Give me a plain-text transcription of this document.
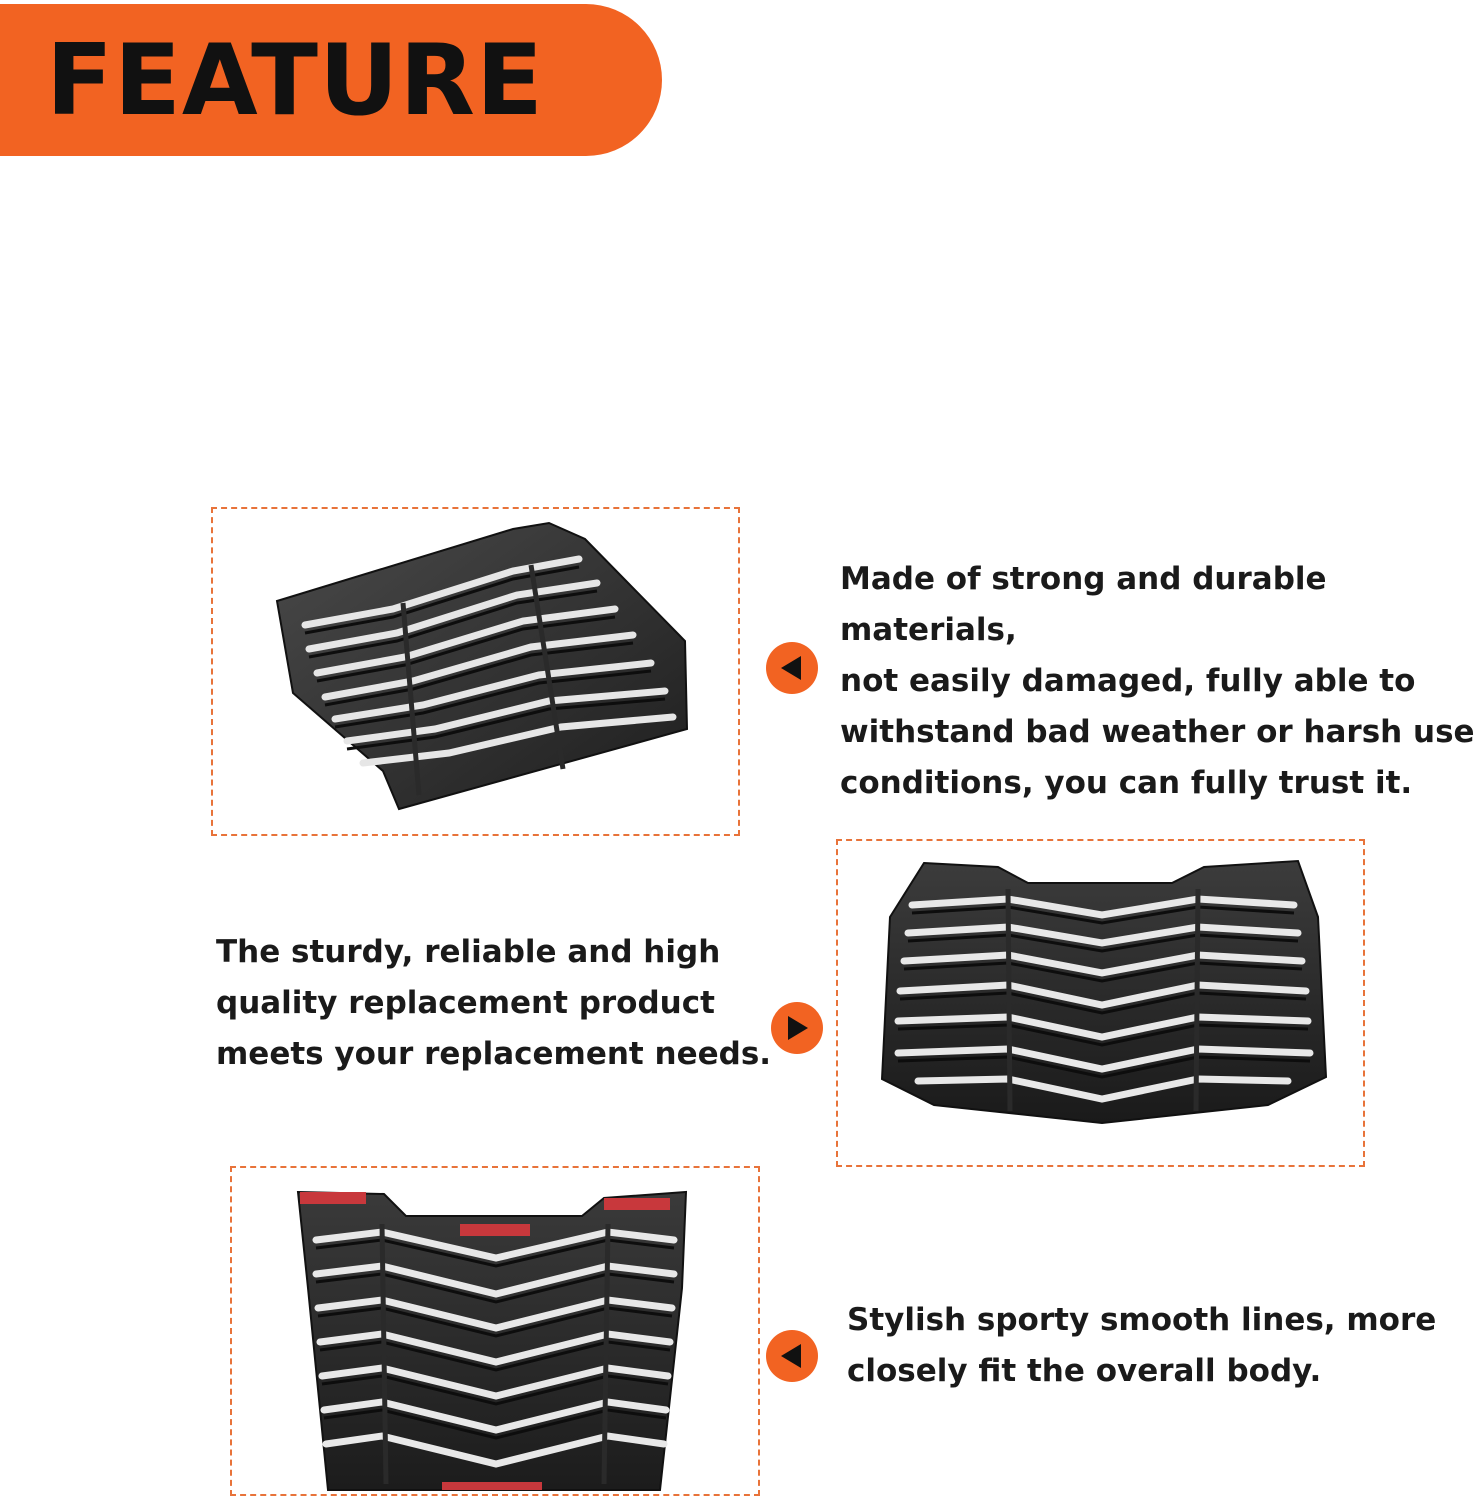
FEATURE
Made of strong and durable materials,
not easily damaged, fully able to
withstand bad weather or harsh use
conditions, you can fully trust it.
The sturdy, reliable and high
quality replacement product
meets your replacement needs.
Stylish sporty smooth lines, more
closely fit the overall body.
